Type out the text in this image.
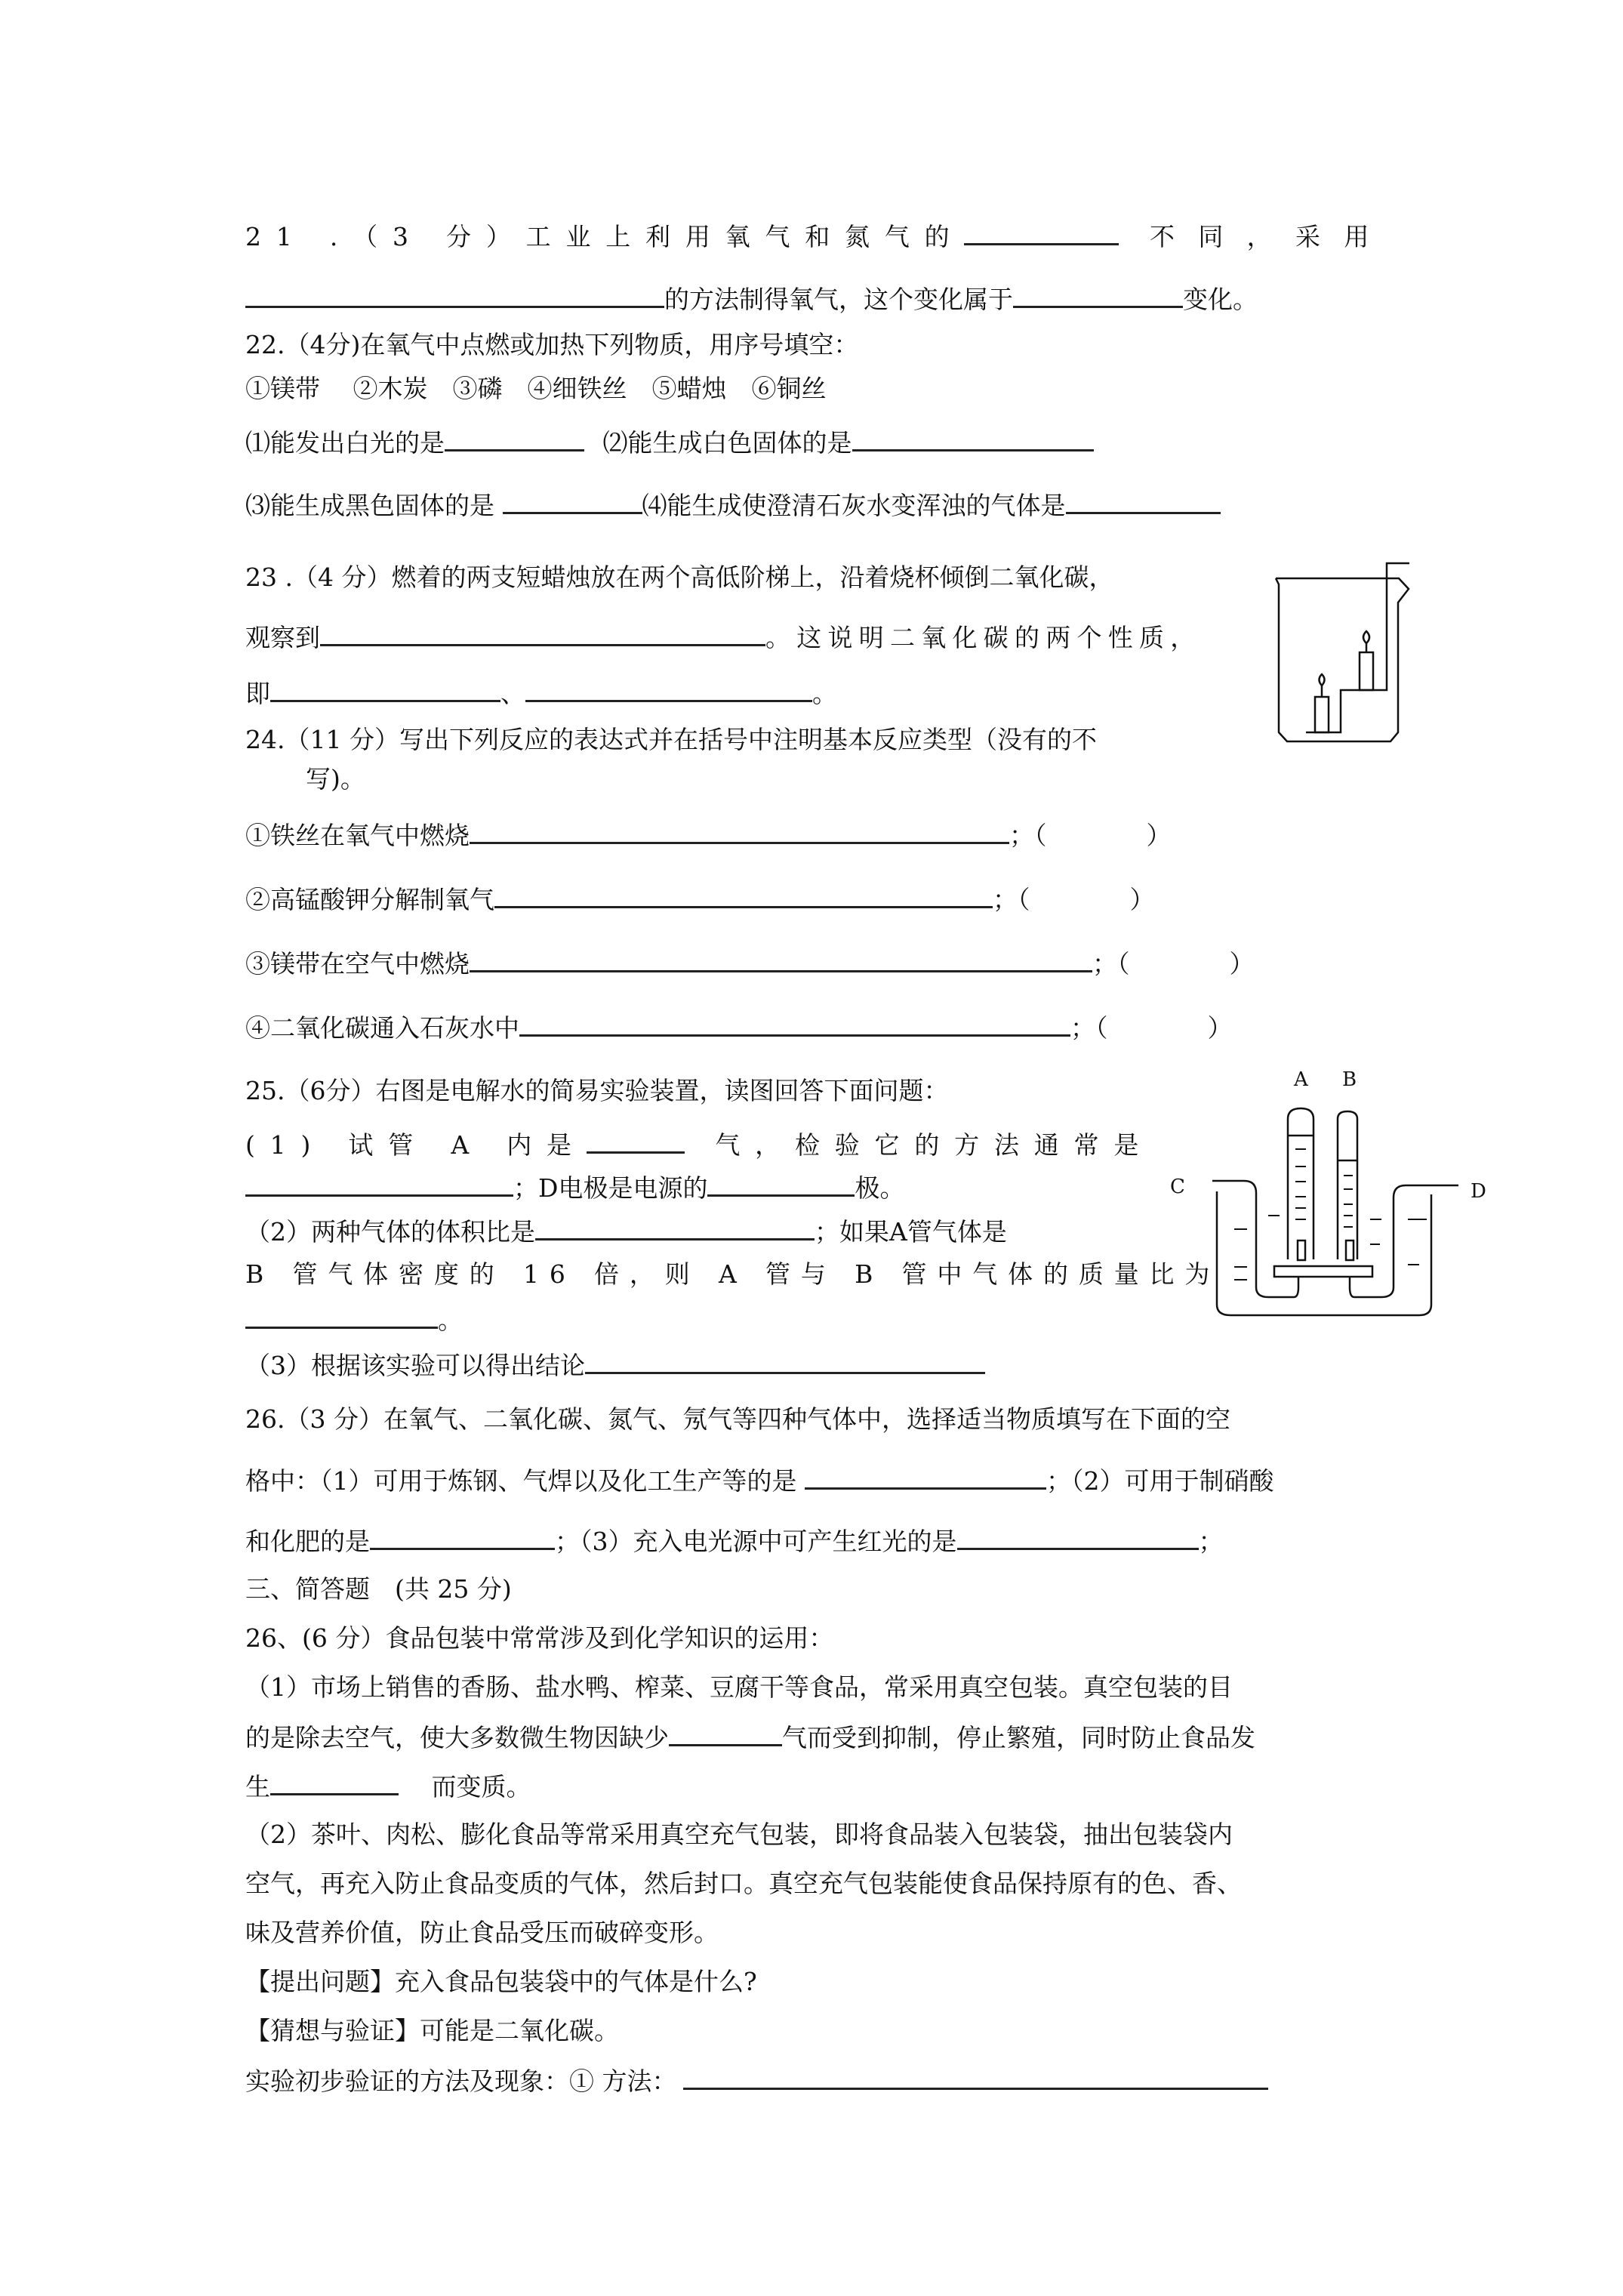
21 .（3 分）工业上利用氧气和氮气的	不同，采用
的方法制得氧气，这个变化属于	变化。
22.（4分)在氧气中点燃或加热下列物质，用序号填空：
①镁带　 ②木炭　③磷　④细铁丝　⑤蜡烛　⑥铜丝
⑴能发出白光的是	⑵能生成白色固体的是
⑶能生成黑色固体的是	⑷能生成使澄清石灰水变浑浊的气体是
23 .（4 分）燃着的两支短蜡烛放在两个高低阶梯上，沿着烧杯倾倒二氧化碳，
观察到	。这说明二氧化碳的两个性质，
即	、	。
24.（11 分）写出下列反应的表达式并在括号中注明基本反应类型（没有的不
写)。
①铁丝在氧气中燃烧	；（　　　　）
②高锰酸钾分解制氧气	；（　　　　）
③镁带在空气中燃烧	；（　　　　）
④二氧化碳通入石灰水中	；（　　　　）
25.（6分）右图是电解水的简易实验装置，读图回答下面问题：
(1) 试管 A 内是	气，检验它的方法通常是
；D电极是电源的	极。
（2）两种气体的体积比是	；如果A管气体是
B 管气体密度的 16 倍，则 A 管与 B 管中气体的质量比为
。
（3）根据该实验可以得出结论
A B
C	D
26.（3 分）在氧气、二氧化碳、氮气、氖气等四种气体中，选择适当物质填写在下面的空
格中：（1）可用于炼钢、气焊以及化工生产等的是	；（2）可用于制硝酸
和化肥的是	；（3）充入电光源中可产生红光的是	；
三、简答题　(共 25 分)
26、(6 分）食品包装中常常涉及到化学知识的运用：
（1）市场上销售的香肠、盐水鸭、榨菜、豆腐干等食品，常采用真空包装。真空包装的目
的是除去空气，使大多数微生物因缺少	气而受到抑制，停止繁殖，同时防止食品发
生	　 而变质。
（2）茶叶、肉松、膨化食品等常采用真空充气包装，即将食品装入包装袋，抽出包装袋内
空气，再充入防止食品变质的气体，然后封口。真空充气包装能使食品保持原有的色、香、
味及营养价值，防止食品受压而破碎变形。
【提出问题】充入食品包装袋中的气体是什么?
【猜想与验证】可能是二氧化碳。
实验初步验证的方法及现象：① 方法：
